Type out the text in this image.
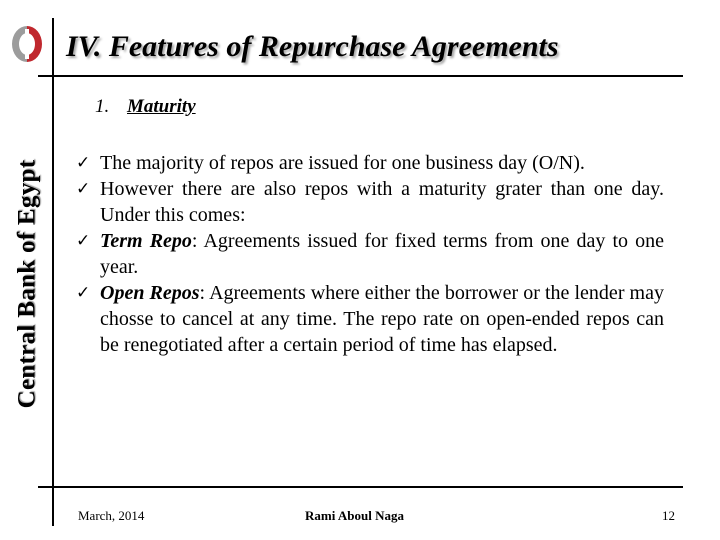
Central Bank of Egypt
IV. Features of Repurchase Agreements
1. Maturity
✓ The majority of repos are issued for one business day (O/N).
✓ However there are also repos with a maturity grater than one day. Under this comes:
✓ Term Repo: Agreements issued for fixed terms from one day to one year.
✓ Open Repos: Agreements where either the borrower or the lender may chosse to cancel at any time. The repo rate on open-ended repos can be renegotiated after a certain period of time has elapsed.
March, 2014	Rami Aboul Naga	12
